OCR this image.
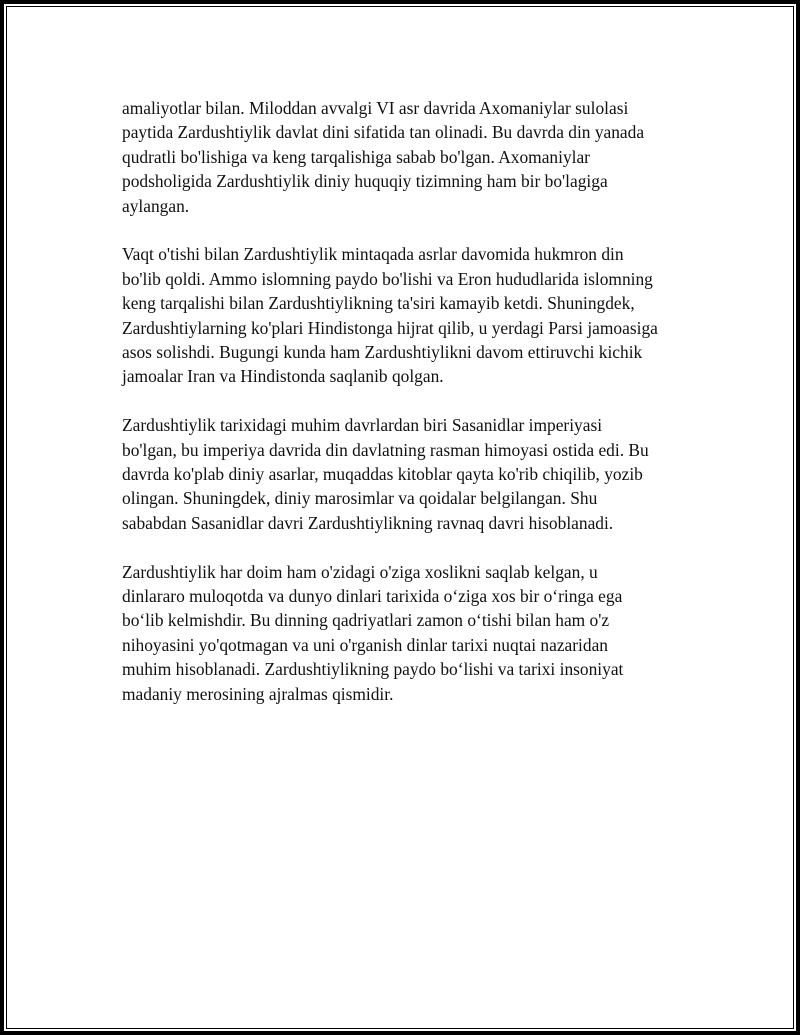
amaliyotlar bilan. Miloddan avvalgi VI asr davrida Axomaniylar sulolasi
paytida Zardushtiylik davlat dini sifatida tan olinadi. Bu davrda din yanada
qudratli bo'lishiga va keng tarqalishiga sabab bo'lgan. Axomaniylar
podsholigida Zardushtiylik diniy huquqiy tizimning ham bir bo'lagiga
aylangan.

Vaqt o'tishi bilan Zardushtiylik mintaqada asrlar davomida hukmron din
bo'lib qoldi. Ammo islomning paydo bo'lishi va Eron hududlarida islomning
keng tarqalishi bilan Zardushtiylikning ta'siri kamayib ketdi. Shuningdek,
Zardushtiylarning ko'plari Hindistonga hijrat qilib, u yerdagi Parsi jamoasiga
asos solishdi. Bugungi kunda ham Zardushtiylikni davom ettiruvchi kichik
jamoalar Iran va Hindistonda saqlanib qolgan.

Zardushtiylik tarixidagi muhim davrlardan biri Sasanidlar imperiyasi
bo'lgan, bu imperiya davrida din davlatning rasman himoyasi ostida edi. Bu
davrda ko'plab diniy asarlar, muqaddas kitoblar qayta ko'rib chiqilib, yozib
olingan. Shuningdek, diniy marosimlar va qoidalar belgilangan. Shu
sababdan Sasanidlar davri Zardushtiylikning ravnaq davri hisoblanadi.

Zardushtiylik har doim ham o'zidagi o'ziga xoslikni saqlab kelgan, u
dinlararo muloqotda va dunyo dinlari tarixida o‘ziga xos bir o‘ringa ega
bo‘lib kelmishdir. Bu dinning qadriyatlari zamon o‘tishi bilan ham o'z
nihoyasini yo'qotmagan va uni o'rganish dinlar tarixi nuqtai nazaridan
muhim hisoblanadi. Zardushtiylikning paydo bo‘lishi va tarixi insoniyat
madaniy merosining ajralmas qismidir.
